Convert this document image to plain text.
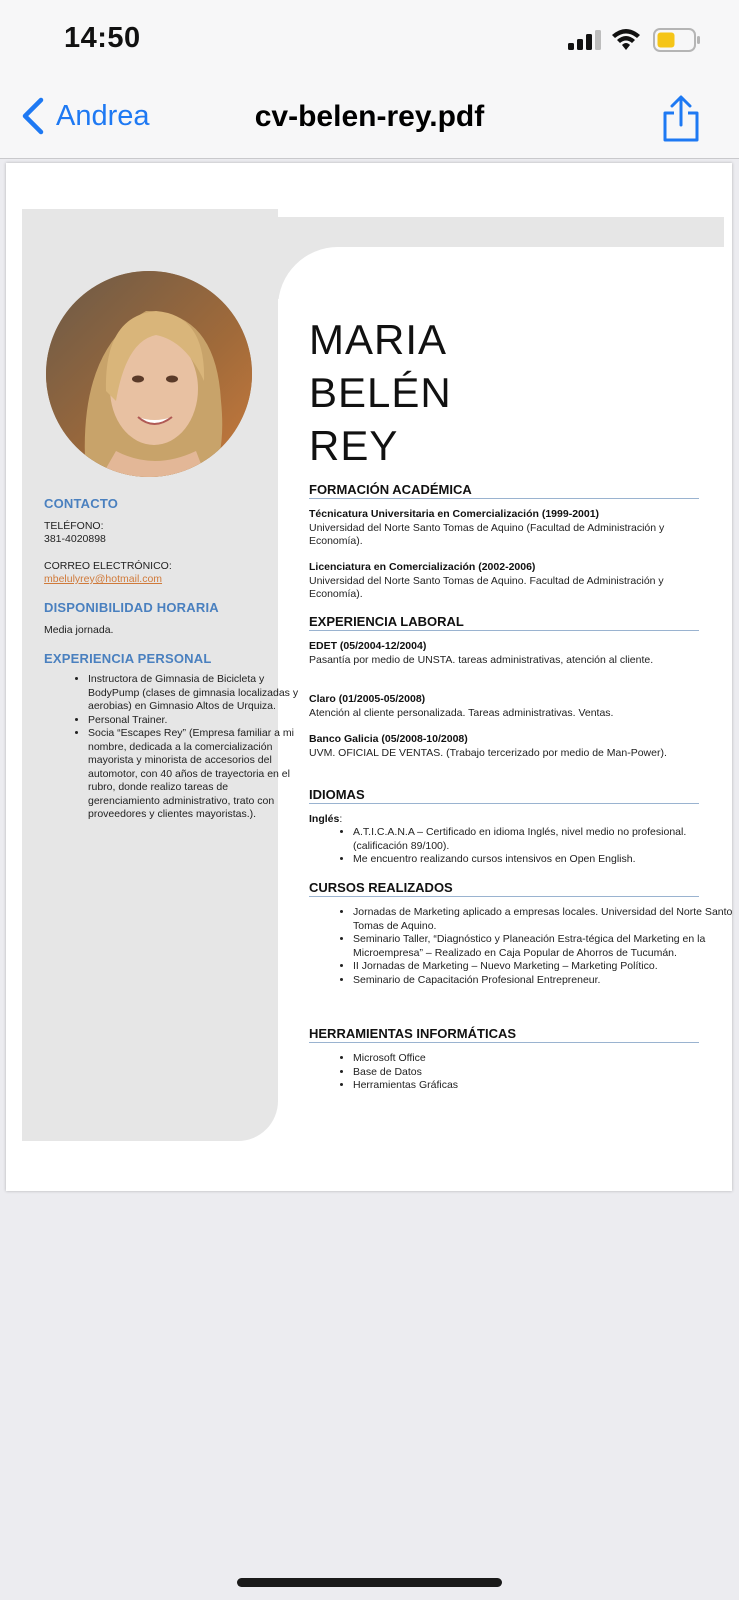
14:50
Andrea	cv-belen-rey.pdf
CONTACTO
TELÉFONO:
381-4020898
CORREO ELECTRÓNICO:
mbelulyrey@hotmail.com
DISPONIBILIDAD HORARIA
Media jornada.
EXPERIENCIA PERSONAL
• Instructora de Gimnasia de Bicicleta y BodyPump (clases de gimnasia localizadas y aerobias) en Gimnasio Altos de Urquiza.
• Personal Trainer.
• Socia “Escapes Rey” (Empresa familiar a mi nombre, dedicada a la comercialización mayorista y minorista de accesorios del automotor, con 40 años de trayectoria en el rubro, donde realizo tareas de gerenciamiento administrativo, trato con proveedores y clientes mayoristas.).
MARIA
BELÉN
REY
FORMACIÓN ACADÉMICA
Técnicatura Universitaria en Comercialización (1999-2001)
Universidad del Norte Santo Tomas de Aquino (Facultad de Administración y Economía).
Licenciatura en Comercialización (2002-2006)
Universidad del Norte Santo Tomas de Aquino. Facultad de Administración y Economía).
EXPERIENCIA LABORAL
EDET (05/2004-12/2004)
Pasantía por medio de UNSTA. tareas administrativas, atención al cliente.
Claro (01/2005-05/2008)
Atención al cliente personalizada. Tareas administrativas. Ventas.
Banco Galicia (05/2008-10/2008)
UVM. OFICIAL DE VENTAS. (Trabajo tercerizado por medio de Man-Power).
IDIOMAS
Inglés:
• A.T.I.C.A.N.A – Certificado en idioma Inglés, nivel medio no profesional. (calificación 89/100).
• Me encuentro realizando cursos intensivos en Open English.
CURSOS REALIZADOS
• Jornadas de Marketing aplicado a empresas locales. Universidad del Norte Santo Tomas de Aquino.
• Seminario Taller, “Diagnóstico y Planeación Estra-tégica del Marketing en la Microempresa” – Realizado en Caja Popular de Ahorros de Tucumán.
• II Jornadas de Marketing – Nuevo Marketing – Marketing Político.
• Seminario de Capacitación Profesional Entrepreneur.
HERRAMIENTAS INFORMÁTICAS
• Microsoft Office
• Base de Datos
• Herramientas Gráficas
